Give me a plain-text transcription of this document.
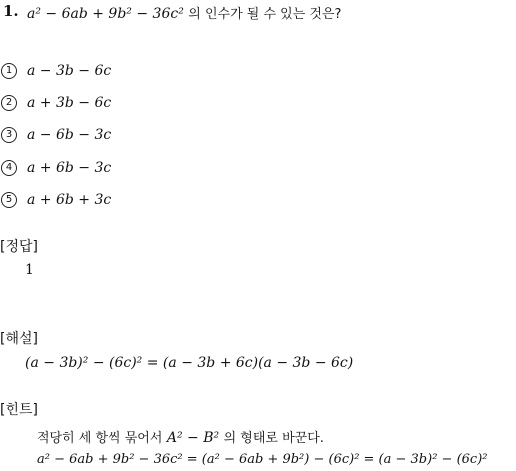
1. a² − 6ab + 9b² − 36c² 의 인수가 될 수 있는 것은?
1	a − 3b − 6c
2	a + 3b − 6c
3	a − 6b − 3c
4	a + 6b − 3c
5	a + 6b + 3c
[정답]
1
[해설]
(a − 3b)² − (6c)² = (a − 3b + 6c)(a − 3b − 6c)
[힌트]
적당히 세 항씩 묶어서 A² − B² 의 형태로 바꾼다.
a² − 6ab + 9b² − 36c² = (a² − 6ab + 9b²) − (6c)² = (a − 3b)² − (6c)²
